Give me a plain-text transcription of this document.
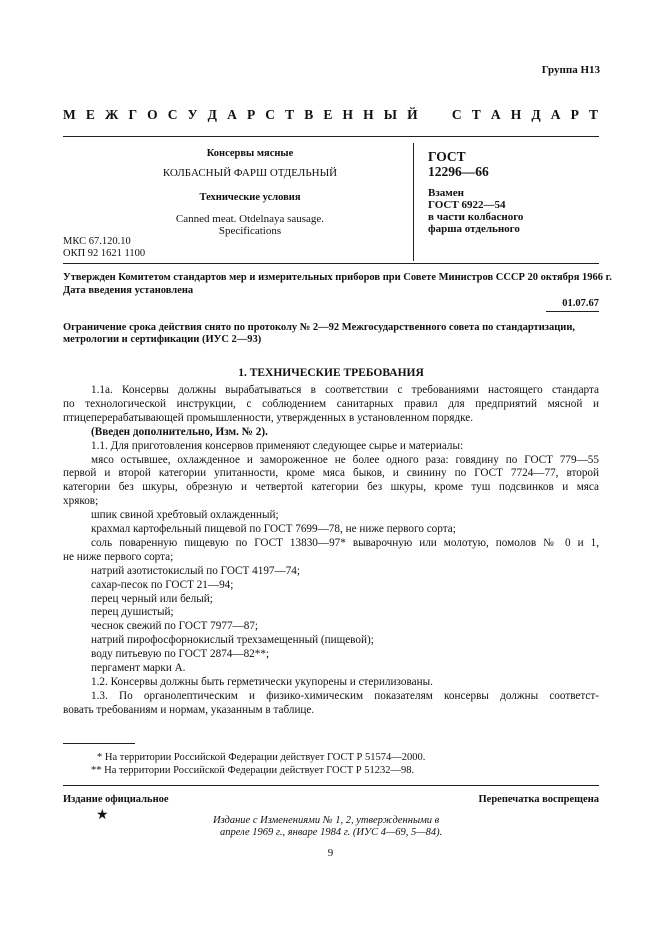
Группа Н13
М Е Ж Г О С У Д А Р С Т В Е Н Н Ы Й	С Т А Н Д А Р Т
Консервы мясные
КОЛБАСНЫЙ ФАРШ ОТДЕЛЬНЫЙ
Технические условия
Canned meat. Otdelnaya sausage.
Specifications
МКС 67.120.10
ОКП 92 1621 1100
ГОСТ
12296—66
Взамен
ГОСТ 6922—54
в части колбасного
фарша отдельного
Утвержден Комитетом стандартов мер и измерительных приборов при Совете Министров СССР 20 октября 1966 г.
Дата введения установлена
01.07.67
Ограничение срока действия снято по протоколу № 2—92 Межгосударственного совета по стандартизации,
метрологии и сертификации (ИУС 2—93)
1. ТЕХНИЧЕСКИЕ ТРЕБОВАНИЯ
1.1а. Консервы должны вырабатываться в соответствии с требованиями настоящего стандарта
по технологической инструкции, с соблюдением санитарных правил для предприятий мясной и
птицеперерабатывающей промышленности, утвержденных в установленном порядке.
(Введен дополнительно, Изм. № 2).
1.1. Для приготовления консервов применяют следующее сырье и материалы:
мясо остывшее, охлажденное и замороженное не более одного раза: говядину по ГОСТ 779—55
первой и второй категории упитанности, кроме мяса быков, и свинину по ГОСТ 7724—77, второй
категории без шкуры, обрезную и четвертой категории без шкуры, кроме туш подсвинков и мяса
хряков;
шпик свиной хребтовый охлажденный;
крахмал картофельный пищевой по ГОСТ 7699—78, не ниже первого сорта;
соль поваренную пищевую по ГОСТ 13830—97* выварочную или молотую, помолов № 0 и 1,
не ниже первого сорта;
натрий азотистокислый по ГОСТ 4197—74;
сахар-песок по ГОСТ 21—94;
перец черный или белый;
перец душистый;
чеснок свежий по ГОСТ 7977—87;
натрий пирофосфорнокислый трехзамещенный (пищевой);
воду питьевую по ГОСТ 2874—82**;
пергамент марки А.
1.2. Консервы должны быть герметически укупорены и стерилизованы.
1.3. По органолептическим и физико-химическим показателям консервы должны соответст-
вовать требованиям и нормам, указанным в таблице.
* На территории Российской Федерации действует ГОСТ Р 51574—2000.
** На территории Российской Федерации действует ГОСТ Р 51232—98.
Издание официальное	Перепечатка воспрещена
★	Издание с Изменениями № 1, 2, утвержденными в
апреле 1969 г., январе 1984 г. (ИУС 4—69, 5—84).
9
